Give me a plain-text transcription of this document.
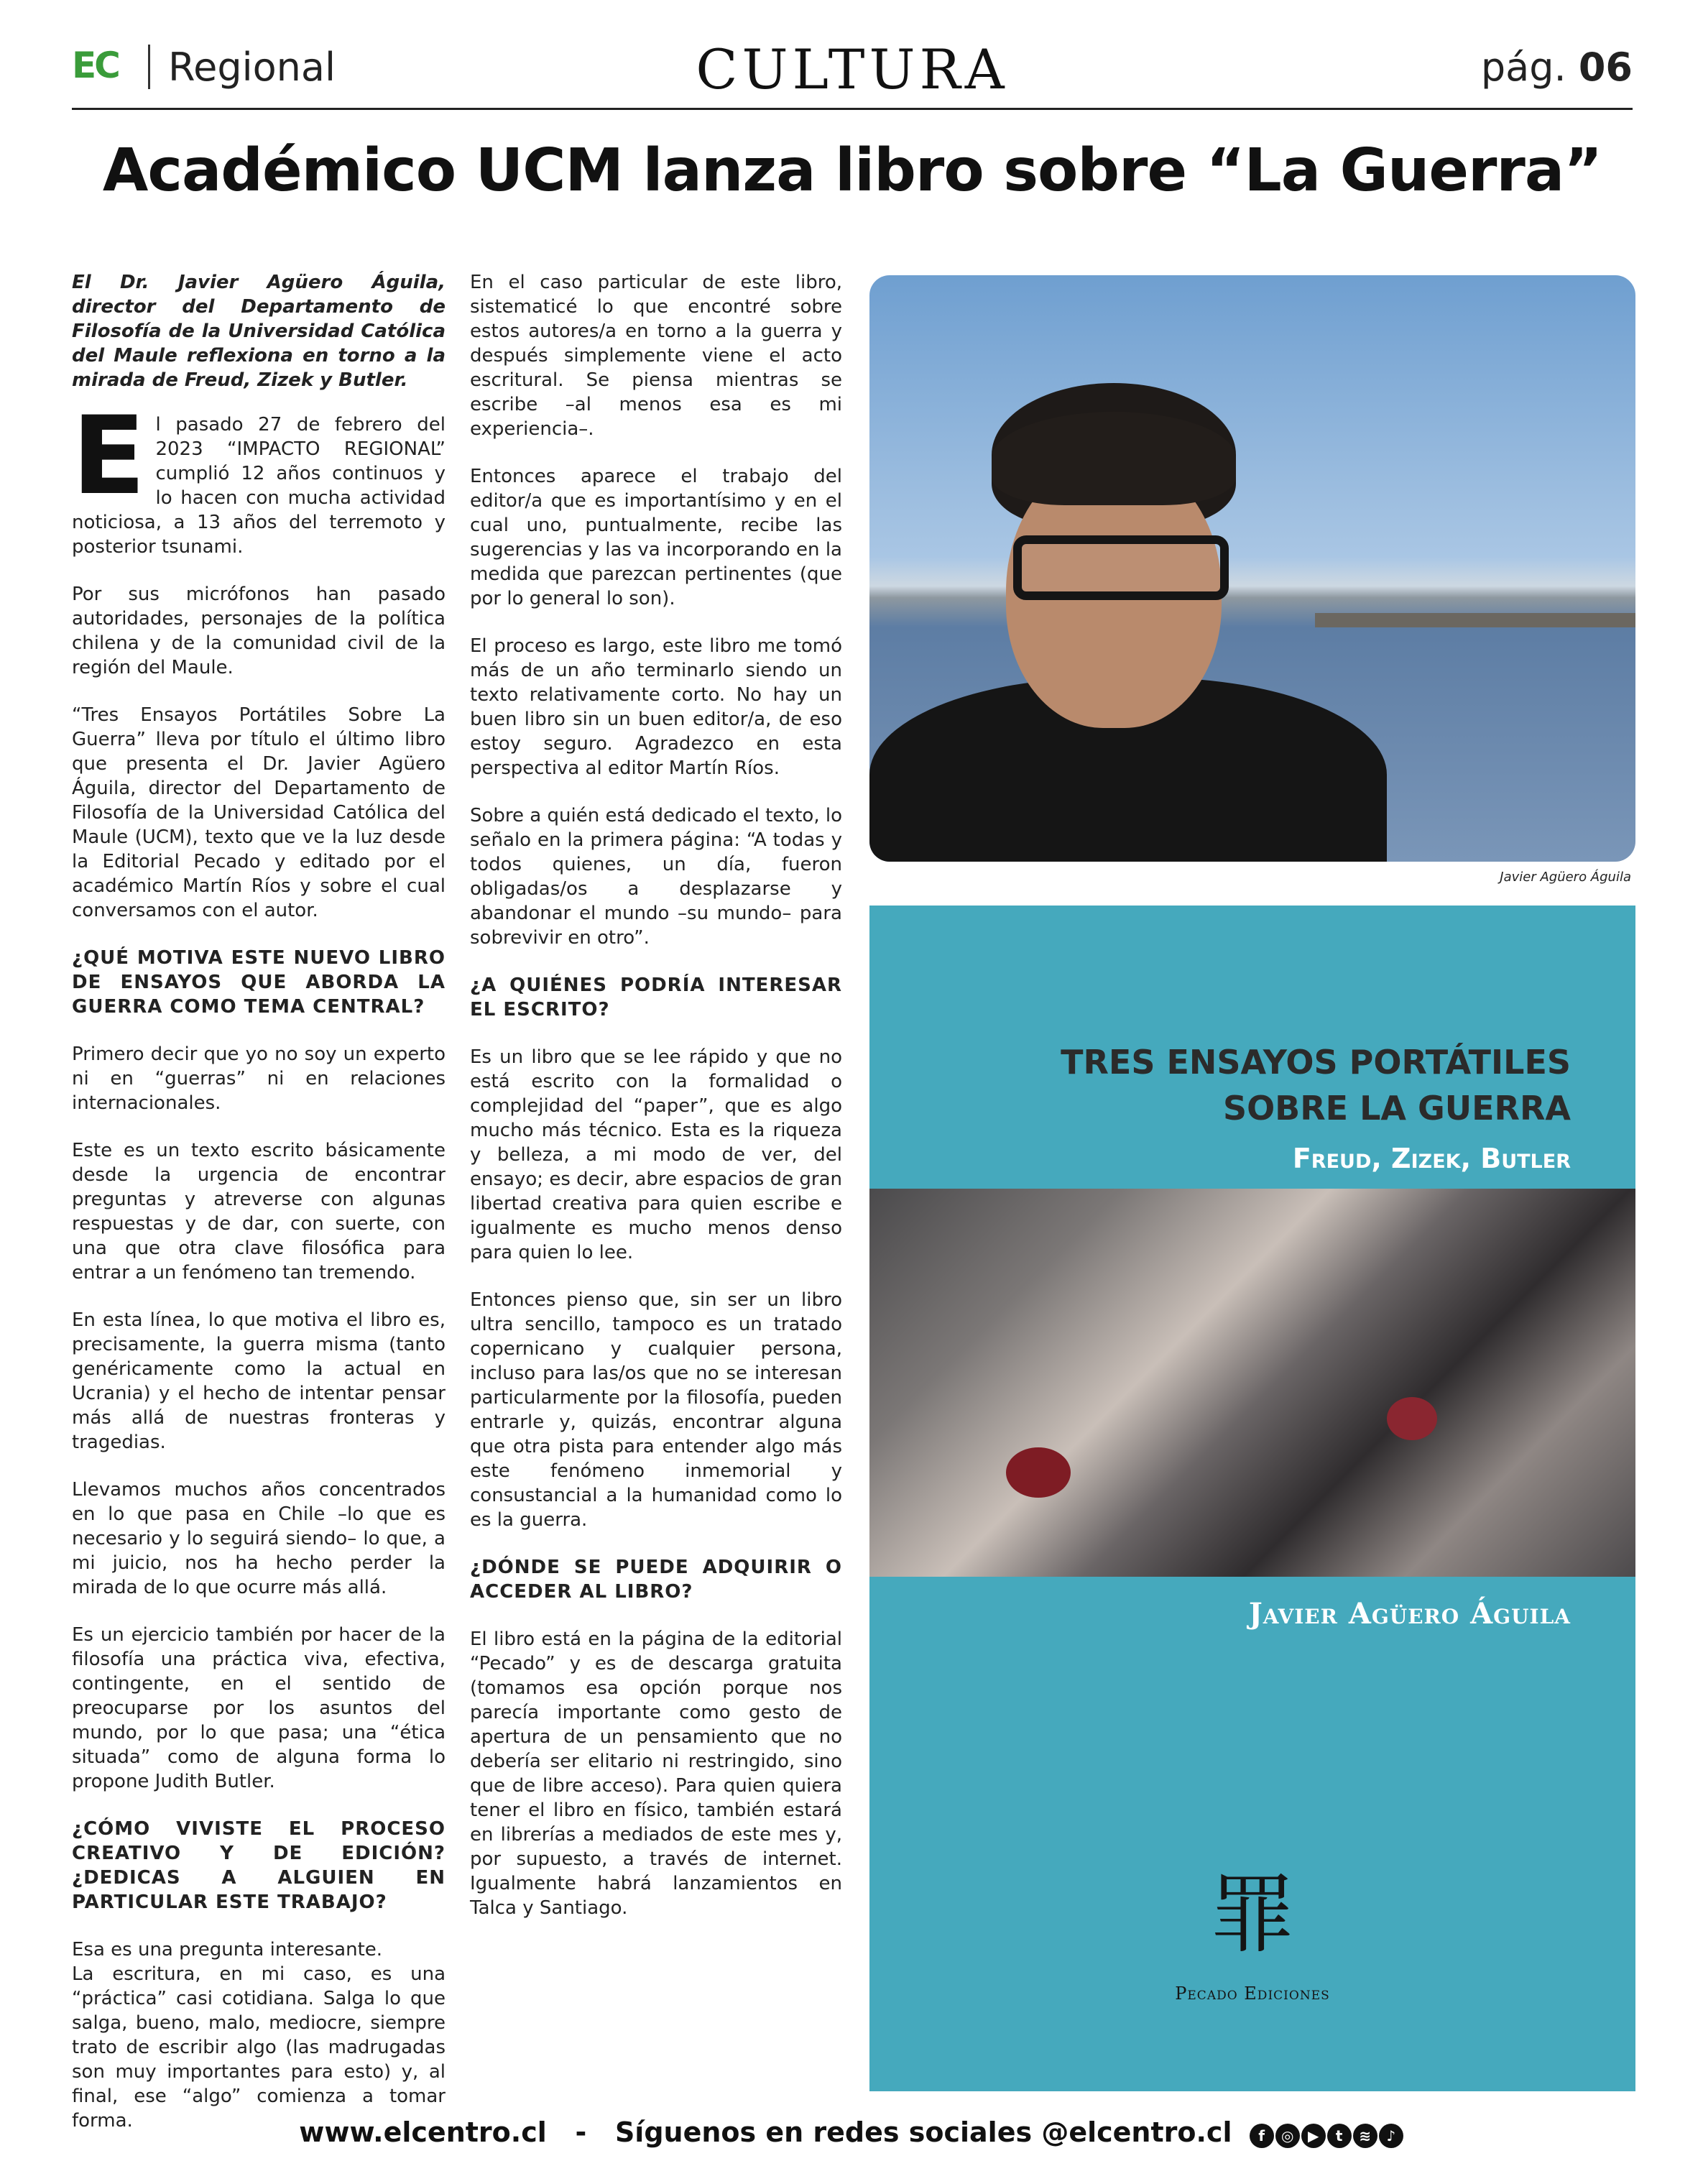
EC Regional	CULTURA	pág. 06
Académico UCM lanza libro sobre “La Guerra”

El Dr. Javier Agüero Águila, director del Departamento de Filosofía de la Universidad Católica del Maule reflexiona en torno a la mirada de Freud, Zizek y Butler.

El pasado 27 de febrero del 2023 “IMPACTO REGIONAL” cumplió 12 años continuos y lo hacen con mucha actividad noticiosa, a 13 años del terremoto y posterior tsunami.

Por sus micrófonos han pasado autoridades, personajes de la política chilena y de la comunidad civil de la región del Maule.

“Tres Ensayos Portátiles Sobre La Guerra” lleva por título el último libro que presenta el Dr. Javier Agüero Águila, director del Departamento de Filosofía de la Universidad Católica del Maule (UCM), texto que ve la luz desde la Editorial Pecado y editado por el académico Martín Ríos y sobre el cual conversamos con el autor.

¿QUÉ MOTIVA ESTE NUEVO LIBRO DE ENSAYOS QUE ABORDA LA GUERRA COMO TEMA CENTRAL?

Primero decir que yo no soy un experto ni en “guerras” ni en relaciones internacionales.

Este es un texto escrito básicamente desde la urgencia de encontrar preguntas y atreverse con algunas respuestas y de dar, con suerte, con una que otra clave filosófica para entrar a un fenómeno tan tremendo.

En esta línea, lo que motiva el libro es, precisamente, la guerra misma (tanto genéricamente como la actual en Ucrania) y el hecho de intentar pensar más allá de nuestras fronteras y tragedias.

Llevamos muchos años concentrados en lo que pasa en Chile –lo que es necesario y lo seguirá siendo– lo que, a mi juicio, nos ha hecho perder la mirada de lo que ocurre más allá.

Es un ejercicio también por hacer de la filosofía una práctica viva, efectiva, contingente, en el sentido de preocuparse por los asuntos del mundo, por lo que pasa; una “ética situada” como de alguna forma lo propone Judith Butler.

¿CÓMO VIVISTE EL PROCESO CREATIVO Y DE EDICIÓN? ¿DEDICAS A ALGUIEN EN PARTICULAR ESTE TRABAJO?

Esa es una pregunta interesante.

La escritura, en mi caso, es una “práctica” casi cotidiana. Salga lo que salga, bueno, malo, mediocre, siempre trato de escribir algo (las madrugadas son muy importantes para esto) y, al final, ese “algo” comienza a tomar forma.

En el caso particular de este libro, sistematicé lo que encontré sobre estos autores/a en torno a la guerra y después simplemente viene el acto escritural. Se piensa mientras se escribe –al menos esa es mi experiencia–.

Entonces aparece el trabajo del editor/a que es importantísimo y en el cual uno, puntualmente, recibe las sugerencias y las va incorporando en la medida que parezcan pertinentes (que por lo general lo son).

El proceso es largo, este libro me tomó más de un año terminarlo siendo un texto relativamente corto. No hay un buen libro sin un buen editor/a, de eso estoy seguro. Agradezco en esta perspectiva al editor Martín Ríos.

Sobre a quién está dedicado el texto, lo señalo en la primera página: “A todas y todos quienes, un día, fueron obligadas/os a desplazarse y abandonar el mundo –su mundo– para sobrevivir en otro”.

¿A QUIÉNES PODRÍA INTERESAR EL ESCRITO?

Es un libro que se lee rápido y que no está escrito con la formalidad o complejidad del “paper”, que es algo mucho más técnico. Esta es la riqueza y belleza, a mi modo de ver, del ensayo; es decir, abre espacios de gran libertad creativa para quien escribe e igualmente es mucho menos denso para quien lo lee.

Entonces pienso que, sin ser un libro ultra sencillo, tampoco es un tratado copernicano y cualquier persona, incluso para las/os que no se interesan particularmente por la filosofía, pueden entrarle y, quizás, encontrar alguna que otra pista para entender algo más este fenómeno inmemorial y consustancial a la humanidad como lo es la guerra.

¿DÓNDE SE PUEDE ADQUIRIR O ACCEDER AL LIBRO?

El libro está en la página de la editorial “Pecado” y es de descarga gratuita (tomamos esa opción porque nos parecía importante como gesto de apertura de un pensamiento que no debería ser elitario ni restringido, sino que de libre acceso). Para quien quiera tener el libro en físico, también estará en librerías a mediados de este mes y, por supuesto, a través de internet. Igualmente habrá lanzamientos en Talca y Santiago.

Javier Agüero Águila
TRES ENSAYOS PORTÁTILES
SOBRE LA GUERRA
Freud, Zizek, Butler
Javier Agüero Águila
罪
Pecado Ediciones
www.elcentro.cl - Síguenos en redes sociales @elcentro.cl f ◎ ▶ t ≋ ♪
